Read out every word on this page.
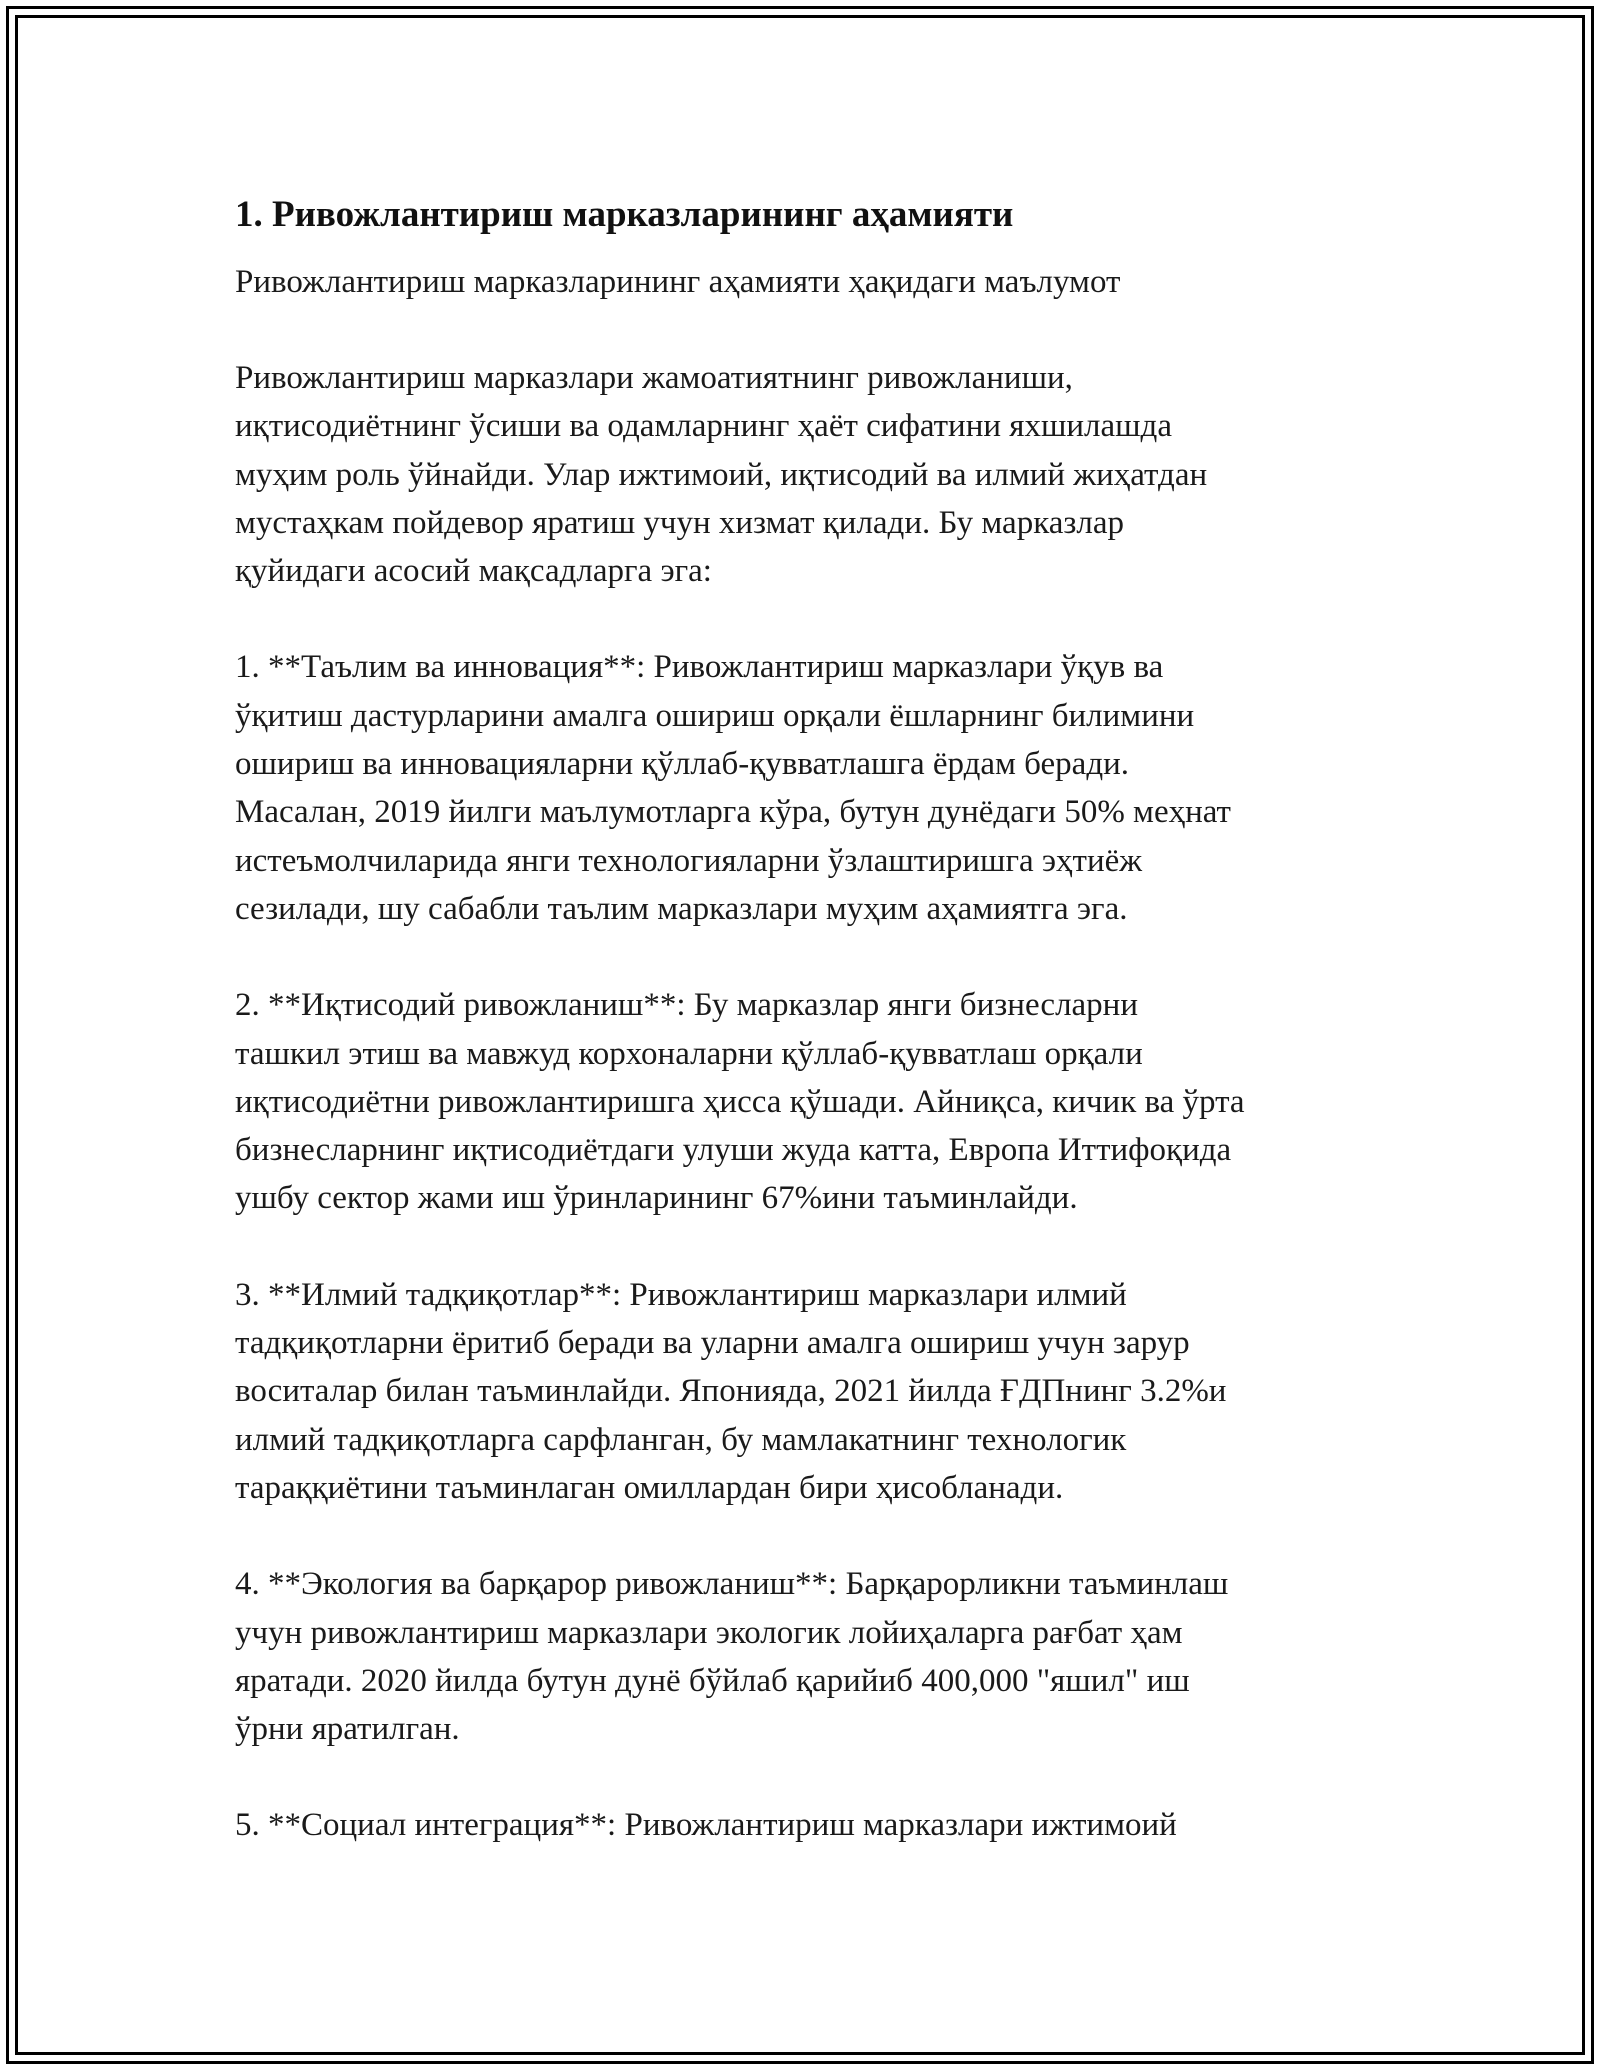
1. Ривожлантириш марказларининг аҳамияти

Ривожлантириш марказларининг аҳамияти ҳақидаги маълумот

Ривожлантириш марказлари жамоатиятнинг ривожланиши,
иқтисодиётнинг ўсиши ва одамларнинг ҳаёт сифатини яхшилашда
муҳим роль ўйнайди. Улар ижтимоий, иқтисодий ва илмий жиҳатдан
мустаҳкам пойдевор яратиш учун хизмат қилади. Бу марказлар
қуйидаги асосий мақсадларга эга:

1. **Таълим ва инновация**: Ривожлантириш марказлари ўқув ва
ўқитиш дастурларини амалга ошириш орқали ёшларнинг билимини
ошириш ва инновацияларни қўллаб-қувватлашга ёрдам беради.
Масалан, 2019 йилги маълумотларга кўра, бутун дунёдаги 50% меҳнат
истеъмолчиларида янги технологияларни ўзлаштиришга эҳтиёж
сезилади, шу сабабли таълим марказлари муҳим аҳамиятга эга.

2. **Иқтисодий ривожланиш**: Бу марказлар янги бизнесларни
ташкил этиш ва мавжуд корхоналарни қўллаб-қувватлаш орқали
иқтисодиётни ривожлантиришга ҳисса қўшади. Айниқса, кичик ва ўрта
бизнесларнинг иқтисодиётдаги улуши жуда катта, Европа Иттифоқида
ушбу сектор жами иш ўринларининг 67%ини таъминлайди.

3. **Илмий тадқиқотлар**: Ривожлантириш марказлари илмий
тадқиқотларни ёритиб беради ва уларни амалга ошириш учун зарур
воситалар билан таъминлайди. Японияда, 2021 йилда ҒДПнинг 3.2%и
илмий тадқиқотларга сарфланган, бу мамлакатнинг технологик
тараққиётини таъминлаган омиллардан бири ҳисобланади.

4. **Экология ва барқарор ривожланиш**: Барқарорликни таъминлаш
учун ривожлантириш марказлари экологик лойиҳаларга рағбат ҳам
яратади. 2020 йилда бутун дунё бўйлаб қарийиб 400,000 "яшил" иш
ўрни яратилган.

5. **Социал интеграция**: Ривожлантириш марказлари ижтимоий
